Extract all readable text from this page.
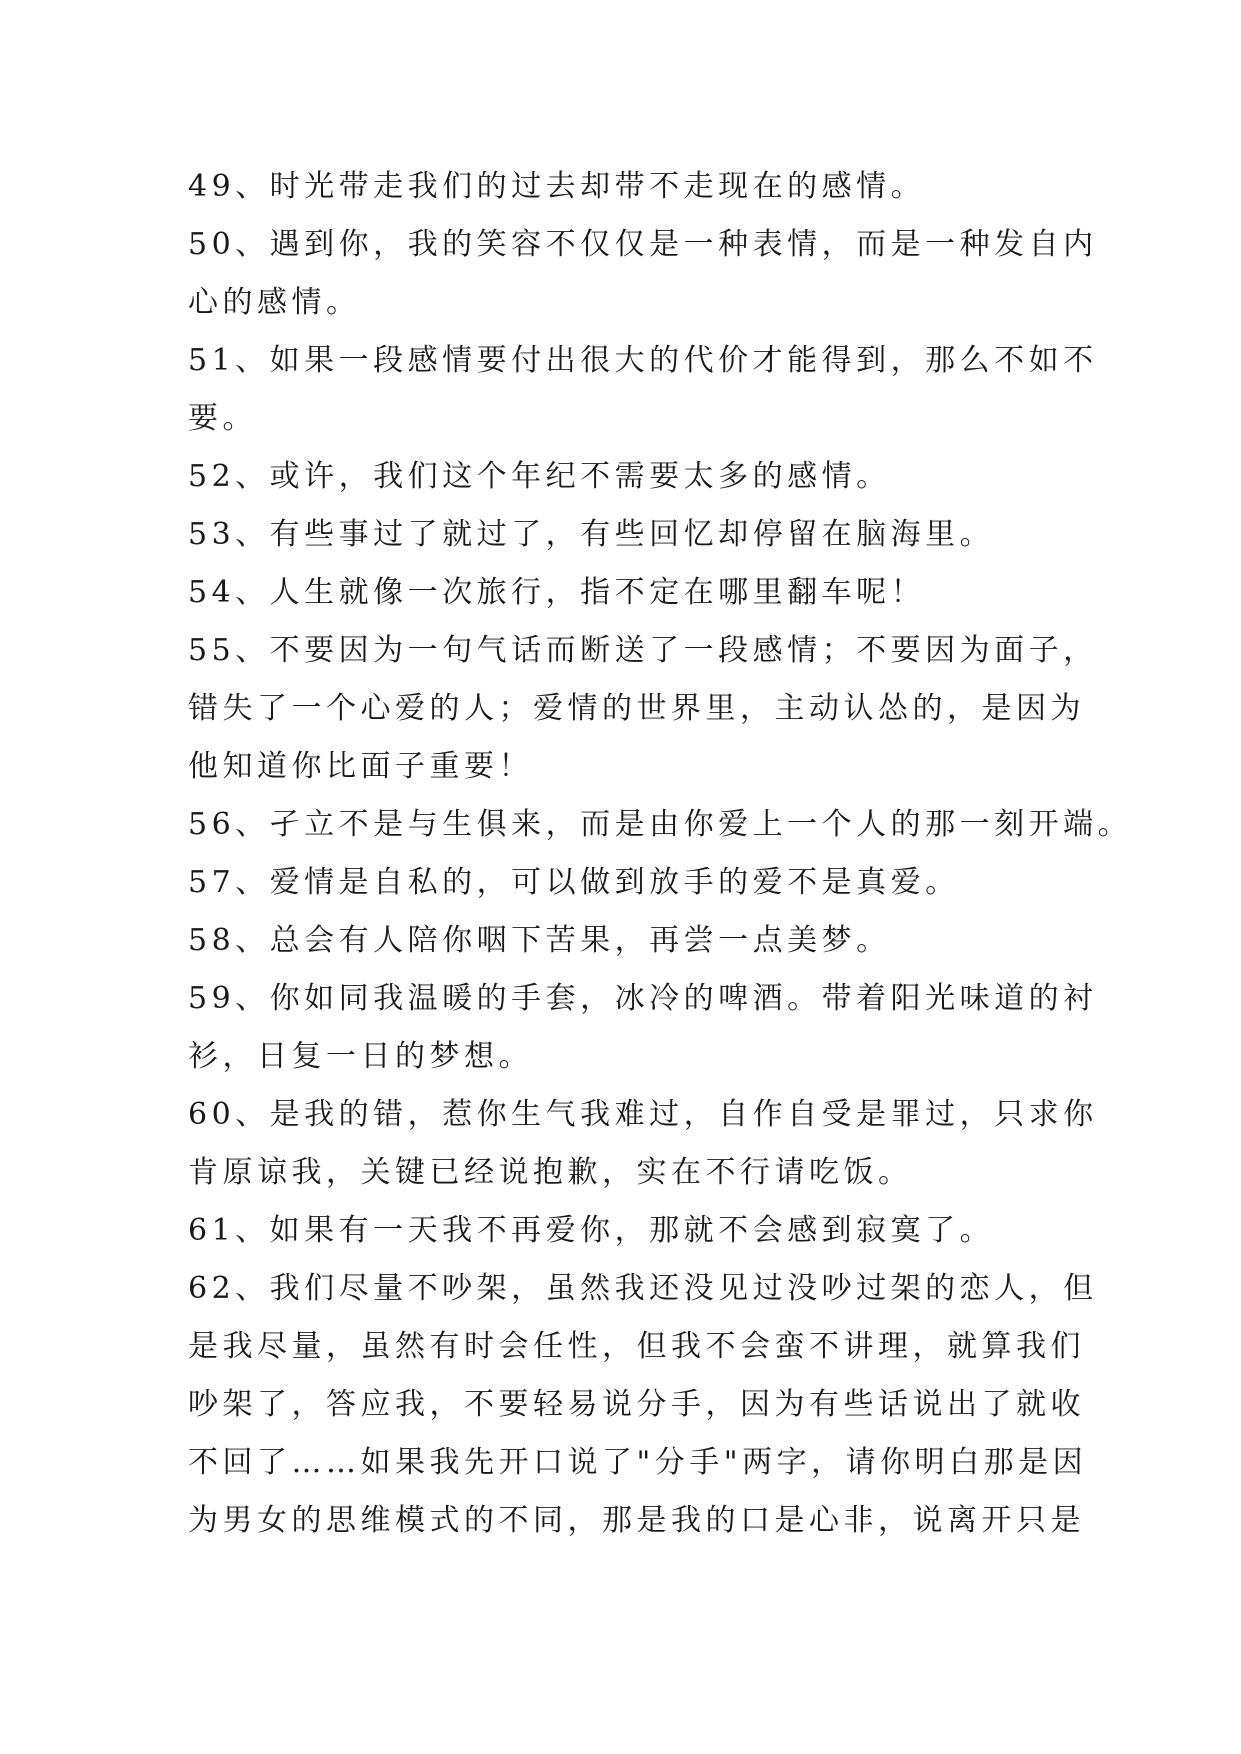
49、时光带走我们的过去却带不走现在的感情。

50、遇到你，我的笑容不仅仅是一种表情，而是一种发自内

心的感情。

51、如果一段感情要付出很大的代价才能得到，那么不如不

要。

52、或许，我们这个年纪不需要太多的感情。

53、有些事过了就过了，有些回忆却停留在脑海里。

54、人生就像一次旅行，指不定在哪里翻车呢！

55、不要因为一句气话而断送了一段感情；不要因为面子，

错失了一个心爱的人；爱情的世界里，主动认怂的，是因为

他知道你比面子重要！

56、孑立不是与生俱来，而是由你爱上一个人的那一刻开端。

57、爱情是自私的，可以做到放手的爱不是真爱。

58、总会有人陪你咽下苦果，再尝一点美梦。

59、你如同我温暖的手套，冰冷的啤酒。带着阳光味道的衬

衫，日复一日的梦想。

60、是我的错，惹你生气我难过，自作自受是罪过，只求你

肯原谅我，关键已经说抱歉，实在不行请吃饭。

61、如果有一天我不再爱你，那就不会感到寂寞了。

62、我们尽量不吵架，虽然我还没见过没吵过架的恋人，但

是我尽量，虽然有时会任性，但我不会蛮不讲理，就算我们

吵架了，答应我，不要轻易说分手，因为有些话说出了就收

不回了……如果我先开口说了"分手"两字，请你明白那是因

为男女的思维模式的不同，那是我的口是心非，说离开只是
